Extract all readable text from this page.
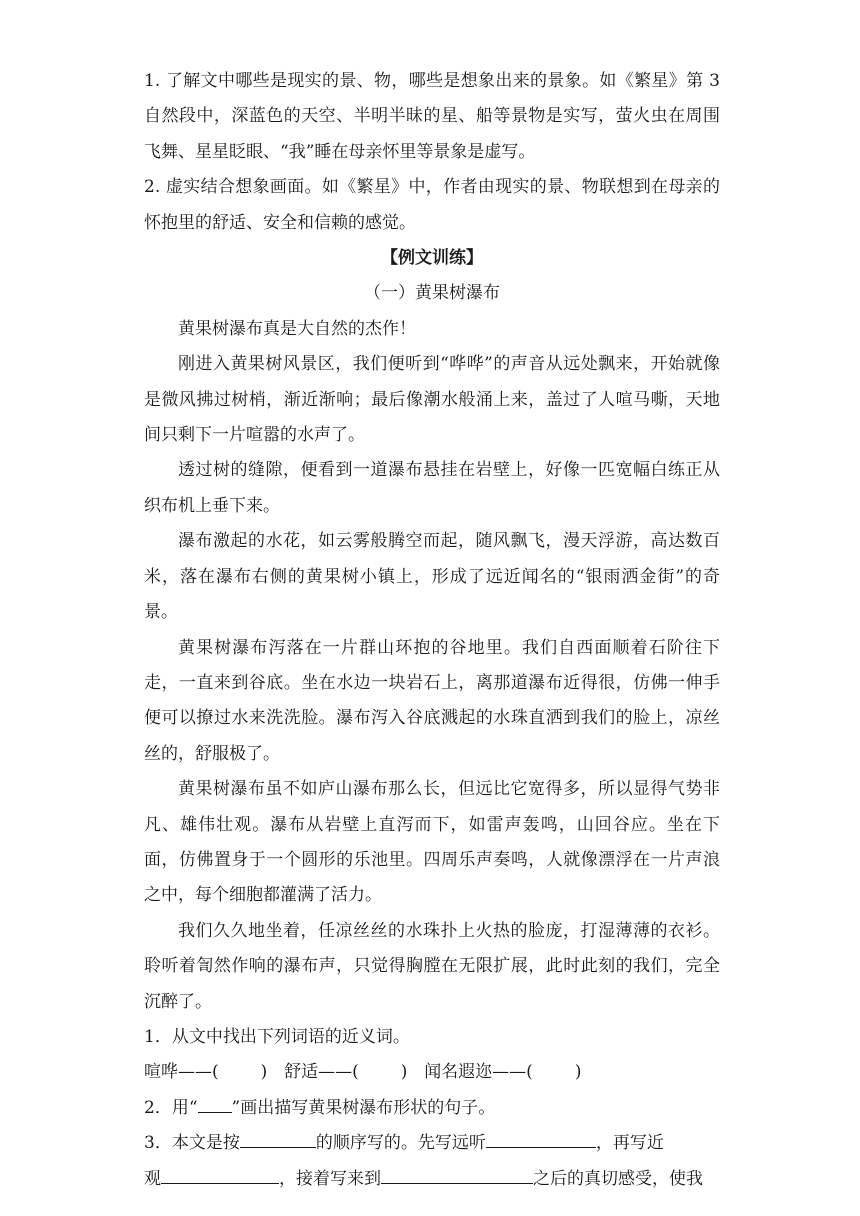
1. 了解文中哪些是现实的景、物，哪些是想象出来的景象。如《繁星》第 3 自然段中，深蓝色的天空、半明半昧的星、船等景物是实写，萤火虫在周围飞舞、星星眨眼、“我”睡在母亲怀里等景象是虚写。

2. 虚实结合想象画面。如《繁星》中，作者由现实的景、物联想到在母亲的怀抱里的舒适、安全和信赖的感觉。

【例文训练】

（一）黄果树瀑布

黄果树瀑布真是大自然的杰作！

刚进入黄果树风景区，我们便听到“哗哗”的声音从远处飘来，开始就像是微风拂过树梢，渐近渐响；最后像潮水般涌上来，盖过了人喧马嘶，天地间只剩下一片喧嚣的水声了。

透过树的缝隙，便看到一道瀑布悬挂在岩壁上，好像一匹宽幅白练正从织布机上垂下来。

瀑布激起的水花，如云雾般腾空而起，随风飘飞，漫天浮游，高达数百米，落在瀑布右侧的黄果树小镇上，形成了远近闻名的“银雨洒金街”的奇景。

黄果树瀑布泻落在一片群山环抱的谷地里。我们自西面顺着石阶往下走，一直来到谷底。坐在水边一块岩石上，离那道瀑布近得很，仿佛一伸手便可以撩过水来洗洗脸。瀑布泻入谷底溅起的水珠直洒到我们的脸上，凉丝丝的，舒服极了。

黄果树瀑布虽不如庐山瀑布那么长，但远比它宽得多，所以显得气势非凡、雄伟壮观。瀑布从岩壁上直泻而下，如雷声轰鸣，山回谷应。坐在下面，仿佛置身于一个圆形的乐池里。四周乐声奏鸣，人就像漂浮在一片声浪之中，每个细胞都灌满了活力。

我们久久地坐着，任凉丝丝的水珠扑上火热的脸庞，打湿薄薄的衣衫。聆听着訇然作响的瀑布声，只觉得胸膛在无限扩展，此时此刻的我们，完全沉醉了。

1．从文中找出下列词语的近义词。

喧哗——( ) 舒适——( ) 闻名遐迩——( )

2．用“ ”画出描写黄果树瀑布形状的句子。

3．本文是按	的顺序写的。先写远听	，再写近
观	，接着写来到	之后的真切感受，使我
